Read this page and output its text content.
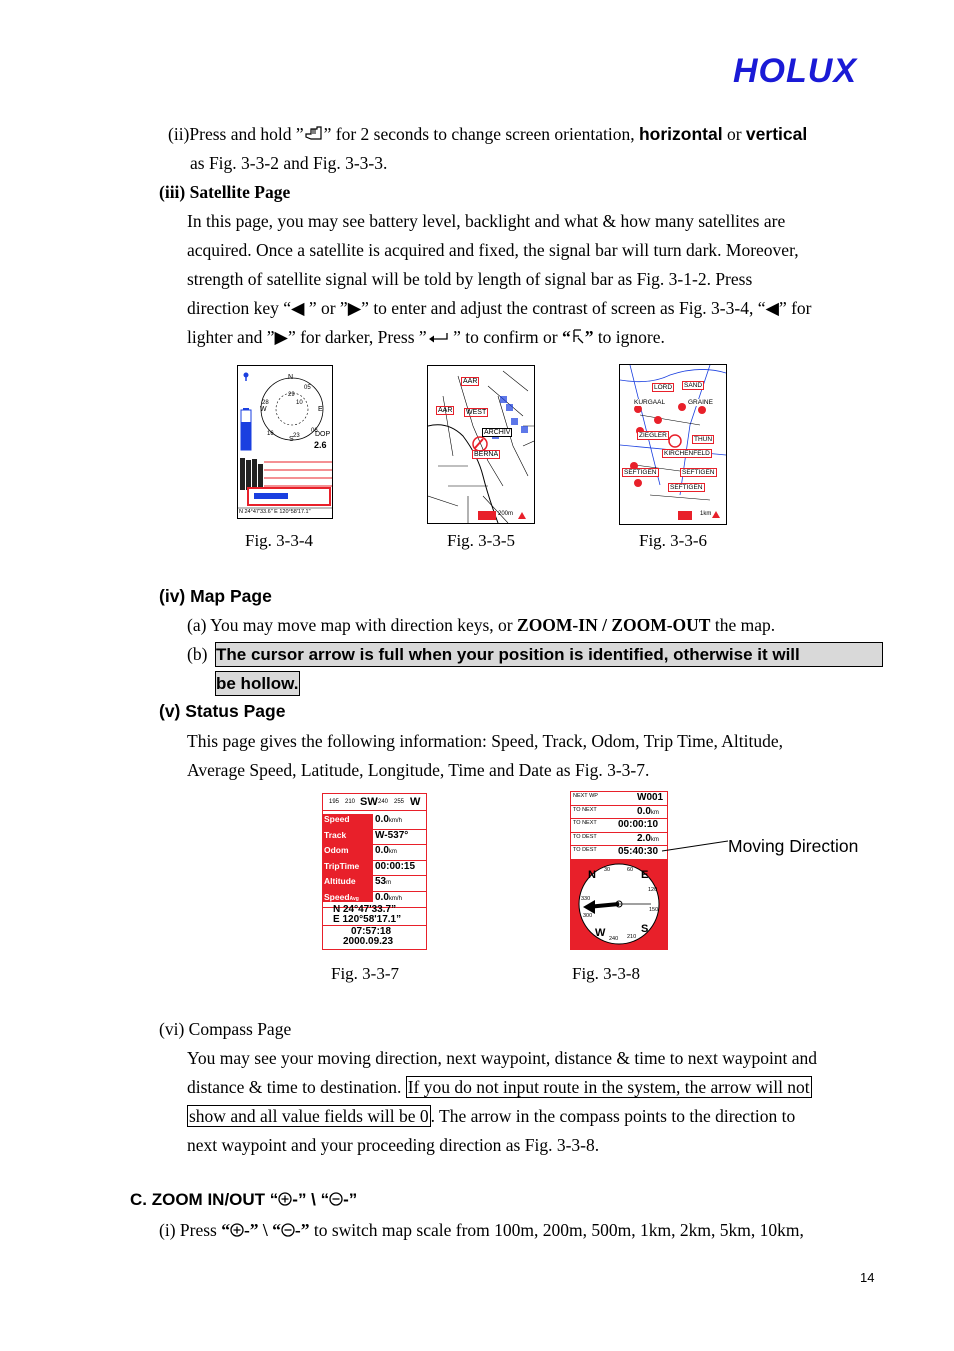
HOLUX
(ii)Press and hold ” ” for 2 seconds to change screen orientation, horizontal or vertical
as Fig. 3-3-2 and Fig. 3-3-3.
(iii) Satellite Page
In this page, you may see battery level, backlight and what & how many satellites are
acquired. Once a satellite is acquired and fixed, the signal bar will turn dark. Moreover,
strength of satellite signal will be told by length of signal bar as Fig. 3-1-2. Press
direction key “◀ ” or ”▶” to enter and adjust the contrast of screen as Fig. 3-3-4, “◀” for
lighter and ”▶” for darker, Press ” ” to confirm or “ ” to ignore.
N
E
S
W
05
29
28	10
16	23
06
DOP
2.6
N 24°47'33.6" E 120°58'17.1"
AAR
AAR WEST
ARCHIV
BERNA
200m
LORD	SAND
KURGAAL	GRAINE
ZIEGLER
THUN
KIRCHENFELD
SEFTIGEN	SEFTIGEN
SEFTIGEN
1km
Fig. 3-3-4	Fig. 3-3-5	Fig. 3-3-6
(iv) Map Page
(a) You may move map with direction keys, or ZOOM-IN / ZOOM-OUT the map.
(b) The cursor arrow is full when your position is identified, otherwise it will
be hollow.
(v) Status Page
This page gives the following information: Speed, Track, Odom, Trip Time, Altitude,
Average Speed, Latitude, Longitude, Time and Date as Fig. 3-3-7.
195 210 SW 240 255 W
Speed	0.0km/h
Track	W-537°
Odom	0.0km
TripTime 00:00:15
Altitude 53m
SpeedAvg 0.0km/h
N 24°47'33.7”
E 120°58'17.1”
07:57:18
2000.09.23
NEXT WP	W001
TO NEXT	0.0km
TO NEXT 00:00:10
TO DEST	2.0km
TO DEST 05:40:30
N	E
S
W
30	60
120
150
210
240
300
330
Moving Direction
Fig. 3-3-7	Fig. 3-3-8
(vi) Compass Page
You may see your moving direction, next waypoint, distance & time to next waypoint and
distance & time to destination. If you do not input route in the system, the arrow will not
show and all value fields will be 0 . The arrow in the compass points to the direction to
next waypoint and your proceeding direction as Fig. 3-3-8.
C. ZOOM IN/OUT “ -” \ “ -”
(i) Press “ -” \ “ -” to switch map scale from 100m, 200m, 500m, 1km, 2km, 5km, 10km,
14
